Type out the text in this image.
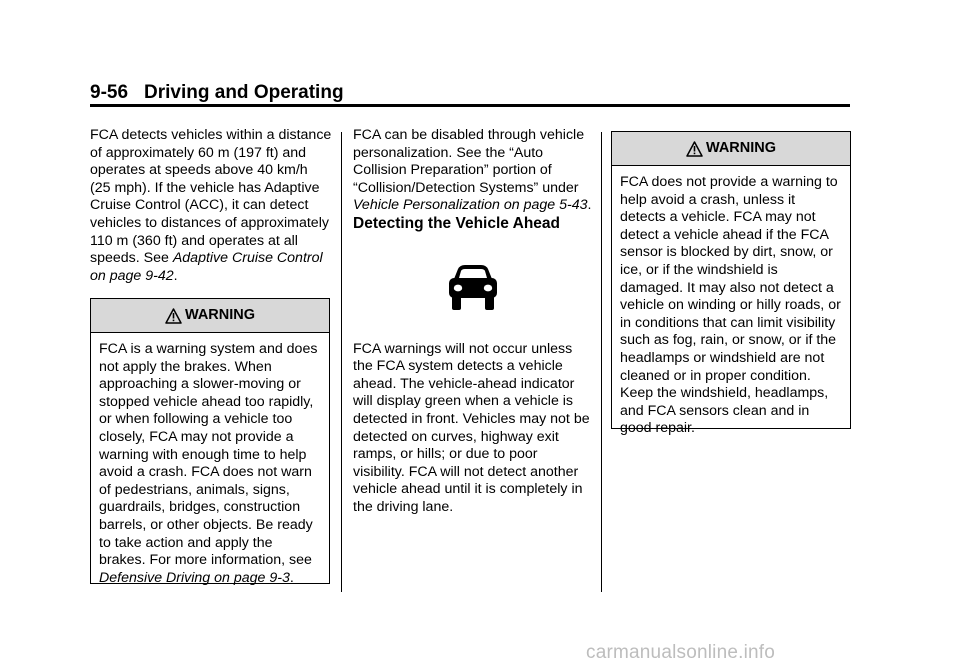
9-56 Driving and Operating

FCA detects vehicles within a distance of approximately 60 m (197 ft) and operates at speeds above 40 km/h (25 mph). If the vehicle has Adaptive Cruise Control (ACC), it can detect vehicles to distances of approximately 110 m (360 ft) and operates at all speeds. See Adaptive Cruise Control on page 9-42.

WARNING
FCA is a warning system and does not apply the brakes. When approaching a slower-moving or stopped vehicle ahead too rapidly, or when following a vehicle too closely, FCA may not provide a warning with enough time to help avoid a crash. FCA does not warn of pedestrians, animals, signs, guardrails, bridges, construction barrels, or other objects. Be ready to take action and apply the brakes. For more information, see Defensive Driving on page 9-3.

FCA can be disabled through vehicle personalization. See the “Auto Collision Preparation” portion of “Collision/Detection Systems” under Vehicle Personalization on page 5-43.

Detecting the Vehicle Ahead

FCA warnings will not occur unless the FCA system detects a vehicle ahead. The vehicle-ahead indicator will display green when a vehicle is detected in front. Vehicles may not be detected on curves, highway exit ramps, or hills; or due to poor visibility. FCA will not detect another vehicle ahead until it is completely in the driving lane.

WARNING
FCA does not provide a warning to help avoid a crash, unless it detects a vehicle. FCA may not detect a vehicle ahead if the FCA sensor is blocked by dirt, snow, or ice, or if the windshield is damaged. It may also not detect a vehicle on winding or hilly roads, or in conditions that can limit visibility such as fog, rain, or snow, or if the headlamps or windshield are not cleaned or in proper condition. Keep the windshield, headlamps, and FCA sensors clean and in good repair.
carmanualsonline.info
